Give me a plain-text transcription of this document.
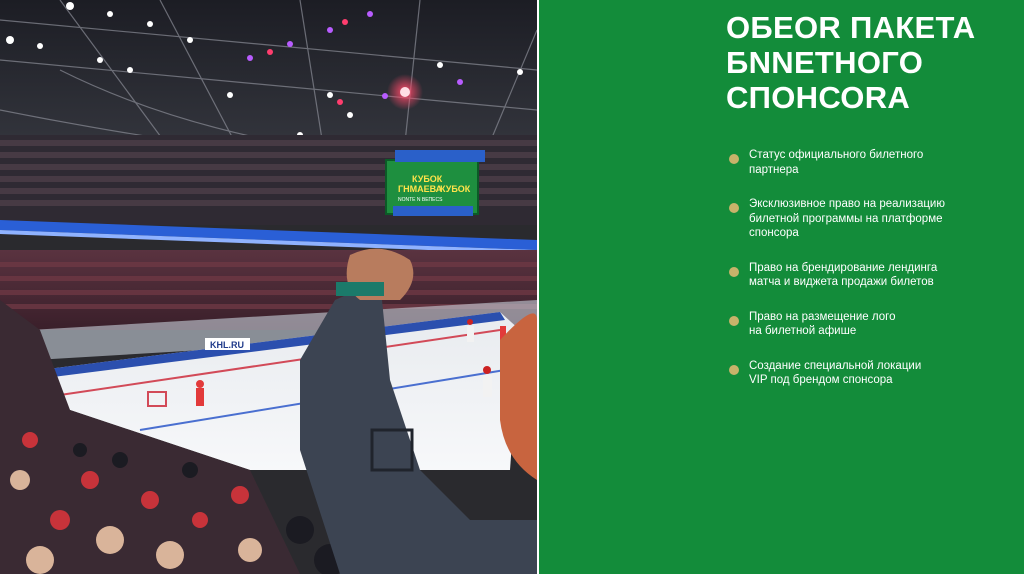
KHL.RU
КУБОК
ГНМАЕВА
NONTE N BEПECS
КУБОК
ОБЕОR ПАКЕТА
БNNETНОГО
СПОНСОRA
Статус официального билетного
партнера
Эксклюзивное право на реализацию
билетной программы на платформе
спонсора
Право на брендирование лендинга
матча и виджета продажи билетов
Право на размещение лого
на билетной афише
Создание специальной локации
VIP под брендом спонсора
